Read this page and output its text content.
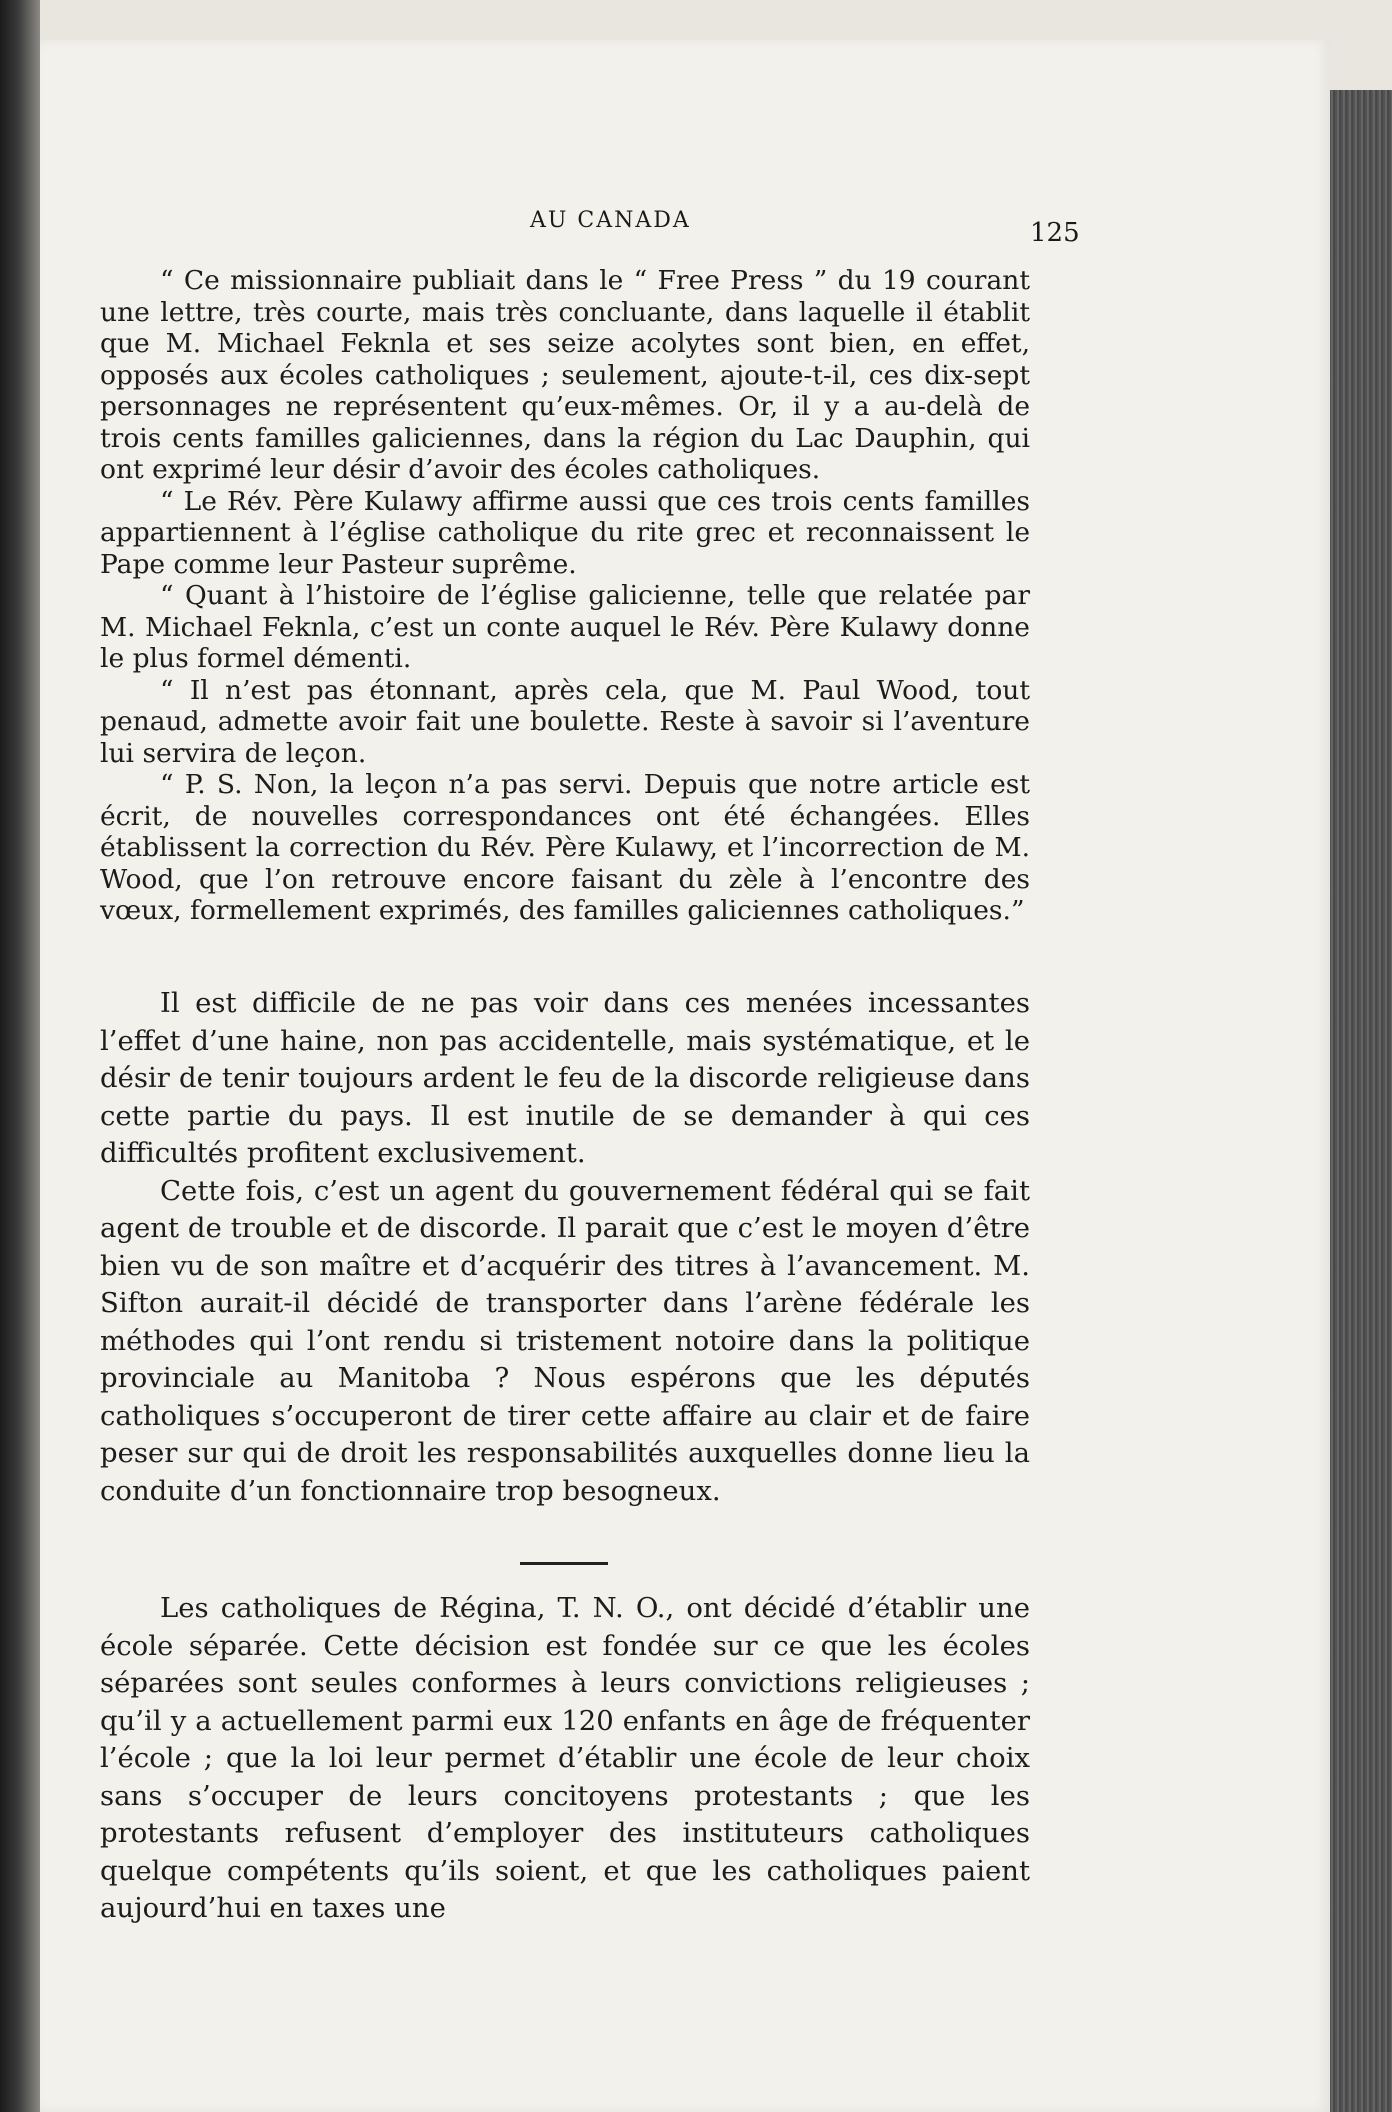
AU CANADA	125

“ Ce missionnaire publiait dans le “ Free Press ” du 19 courant une lettre, très courte, mais très concluante, dans laquelle il établit que M. Michael Feknla et ses seize acolytes sont bien, en effet, opposés aux écoles catholiques ; seulement, ajoute-t-il, ces dix-sept personnages ne représentent qu’eux-mêmes. Or, il y a au-delà de trois cents familles galiciennes, dans la région du Lac Dauphin, qui ont exprimé leur désir d’avoir des écoles catholiques.

“ Le Rév. Père Kulawy affirme aussi que ces trois cents familles appartiennent à l’église catholique du rite grec et reconnaissent le Pape comme leur Pasteur suprême.

“ Quant à l’histoire de l’église galicienne, telle que relatée par M. Michael Feknla, c’est un conte auquel le Rév. Père Kulawy donne le plus formel démenti.

“ Il n’est pas étonnant, après cela, que M. Paul Wood, tout penaud, admette avoir fait une boulette. Reste à savoir si l’aventure lui servira de leçon.

“ P. S. Non, la leçon n’a pas servi. Depuis que notre article est écrit, de nouvelles correspondances ont été échangées. Elles établissent la correction du Rév. Père Kulawy, et l’incorrection de M. Wood, que l’on retrouve encore faisant du zèle à l’encontre des vœux, formellement exprimés, des familles galiciennes catholiques.”

Il est difficile de ne pas voir dans ces menées incessantes l’effet d’une haine, non pas accidentelle, mais systématique, et le désir de tenir toujours ardent le feu de la discorde religieuse dans cette partie du pays. Il est inutile de se demander à qui ces difficultés profitent exclusivement.

Cette fois, c’est un agent du gouvernement fédéral qui se fait agent de trouble et de discorde. Il parait que c’est le moyen d’être bien vu de son maître et d’acquérir des titres à l’avancement. M. Sifton aurait-il décidé de transporter dans l’arène fédérale les méthodes qui l’ont rendu si tristement notoire dans la politique provinciale au Manitoba ? Nous espérons que les députés catholiques s’occuperont de tirer cette affaire au clair et de faire peser sur qui de droit les responsabilités auxquelles donne lieu la conduite d’un fonctionnaire trop besogneux.

Les catholiques de Régina, T. N. O., ont décidé d’établir une école séparée. Cette décision est fondée sur ce que les écoles séparées sont seules conformes à leurs convictions religieuses ; qu’il y a actuellement parmi eux 120 enfants en âge de fréquenter l’école ; que la loi leur permet d’établir une école de leur choix sans s’occuper de leurs concitoyens protestants ; que les protestants refusent d’employer des instituteurs catholiques quelque compétents qu’ils soient, et que les catholiques paient aujourd’hui en taxes une
